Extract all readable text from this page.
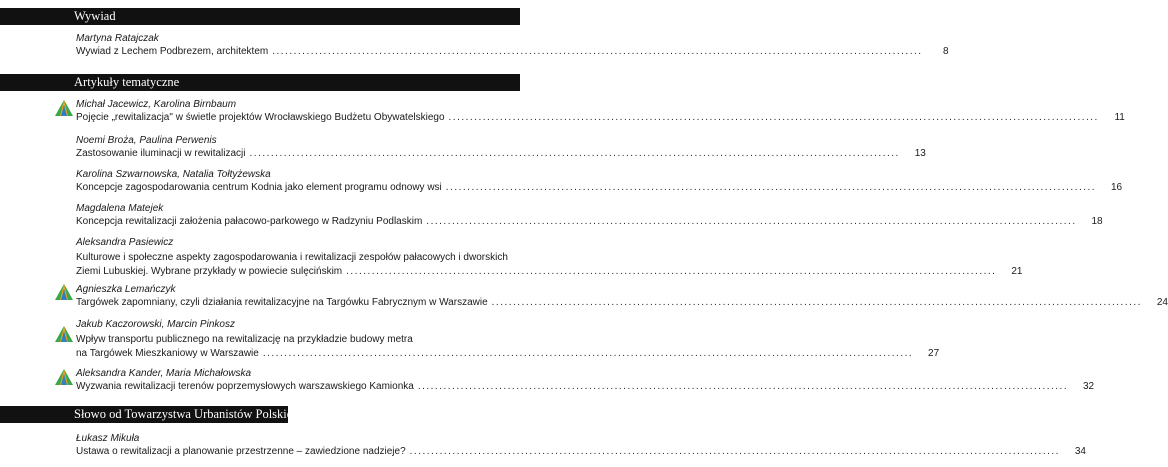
Wywiad
Artykuły tematyczne
Słowo od Towarzystwa Urbanistów Polskich
Martyna Ratajczak
Wywiad z Lechem Podbrezem, architektem ........................................................................................................................................................	8
Michał Jacewicz, Karolina Birnbaum
Pojęcie „rewitalizacja" w świetle projektów Wrocławskiego Budżetu Obywatelskiego ........................................................................................................................................................	11
Noemi Broża, Paulina Perwenis
Zastosowanie iluminacji w rewitalizacji ........................................................................................................................................................	13
Karolina Szwarnowska, Natalia Tołtyżewska
Koncepcje zagospodarowania centrum Kodnia jako element programu odnowy wsi ........................................................................................................................................................	16
Magdalena Matejek
Koncepcja rewitalizacji założenia pałacowo-parkowego w Radzyniu Podlaskim ........................................................................................................................................................	18
Aleksandra Pasiewicz
Kulturowe i społeczne aspekty zagospodarowania i rewitalizacji zespołów pałacowych i dworskich
Ziemi Lubuskiej. Wybrane przykłady w powiecie sulęcińskim ........................................................................................................................................................	21
Agnieszka Lemańczyk
Targówek zapomniany, czyli działania rewitalizacyjne na Targówku Fabrycznym w Warszawie ........................................................................................................................................................	24
Jakub Kaczorowski, Marcin Pinkosz
Wpływ transportu publicznego na rewitalizację na przykładzie budowy metra
na Targówek Mieszkaniowy w Warszawie ........................................................................................................................................................	27
Aleksandra Kander, Maria Michałowska
Wyzwania rewitalizacji terenów poprzemysłowych warszawskiego Kamionka ........................................................................................................................................................	32
Łukasz Mikuła
Ustawa o rewitalizacji a planowanie przestrzenne – zawiedzione nadzieje? ........................................................................................................................................................	34
